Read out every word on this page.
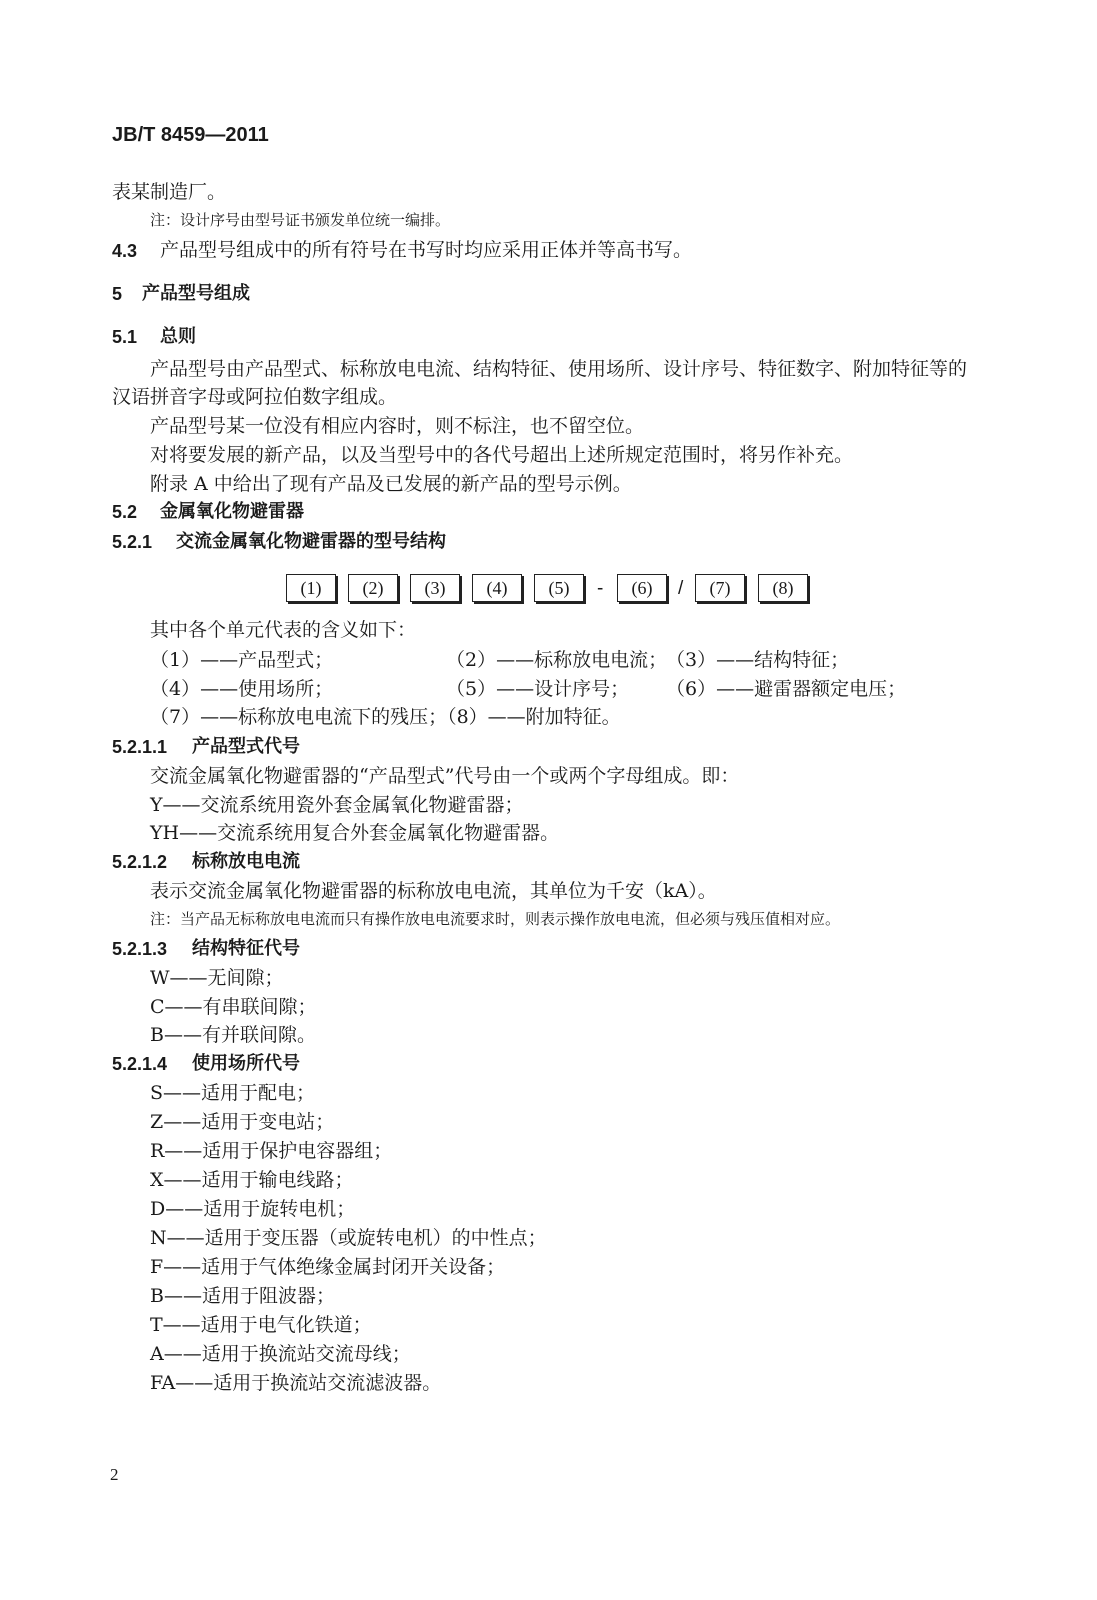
JB/T 8459—2011
表某制造厂。
注：设计序号由型号证书颁发单位统一编排。
4.3 产品型号组成中的所有符号在书写时均应采用正体并等高书写。
5 产品型号组成
5.1 总则
产品型号由产品型式、标称放电电流、结构特征、使用场所、设计序号、特征数字、附加特征等的
汉语拼音字母或阿拉伯数字组成。
产品型号某一位没有相应内容时，则不标注，也不留空位。
对将要发展的新产品，以及当型号中的各代号超出上述所规定范围时，将另作补充。
附录 A 中给出了现有产品及已发展的新产品的型号示例。
5.2 金属氧化物避雷器
5.2.1 交流金属氧化物避雷器的型号结构
(1)	(2)	(3)	(4)	(5)	-	(6)	/	(7)	(8)
其中各个单元代表的含义如下：
（1）——产品型式；	（2）——标称放电电流；
（3）——结构特征；
（4）——使用场所；	（5）——设计序号； （6）——避雷器额定电压；
（7）——标称放电电流下的残压；（8）——附加特征。
5.2.1.1 产品型式代号
交流金属氧化物避雷器的“产品型式”代号由一个或两个字母组成。即：
Y——交流系统用瓷外套金属氧化物避雷器；
YH——交流系统用复合外套金属氧化物避雷器。
5.2.1.2 标称放电电流
表示交流金属氧化物避雷器的标称放电电流，其单位为千安（kA）。
注：当产品无标称放电电流而只有操作放电电流要求时，则表示操作放电电流，但必须与残压值相对应。
5.2.1.3 结构特征代号
W——无间隙；
C——有串联间隙；
B——有并联间隙。
5.2.1.4 使用场所代号
S——适用于配电；
Z——适用于变电站；
R——适用于保护电容器组；
X——适用于输电线路；
D——适用于旋转电机；
N——适用于变压器（或旋转电机）的中性点；
F——适用于气体绝缘金属封闭开关设备；
B——适用于阻波器；
T——适用于电气化铁道；
A——适用于换流站交流母线；
FA——适用于换流站交流滤波器。
2
